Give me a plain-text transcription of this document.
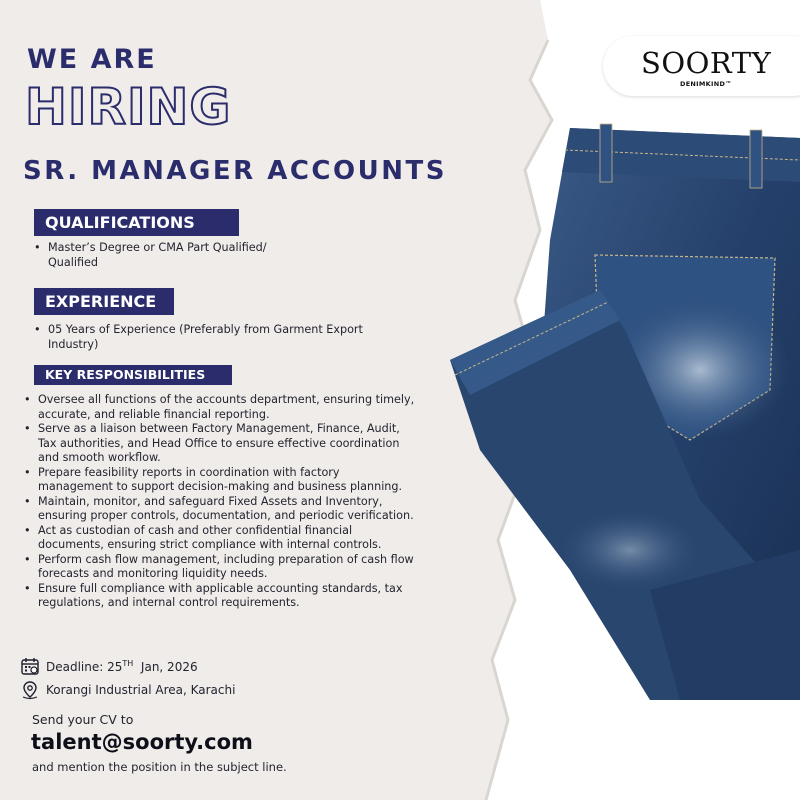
WE ARE
HIRING
SR. MANAGER ACCOUNTS
SOORTY
DENIMKIND™
QUALIFICATIONS
• Master’s Degree or CMA Part Qualified/
Qualified
EXPERIENCE
• 05 Years of Experience (Preferably from Garment Export
Industry)
KEY RESPONSIBILITIES
• Oversee all functions of the accounts department, ensuring timely,
accurate, and reliable financial reporting.
• Serve as a liaison between Factory Management, Finance, Audit,
Tax authorities, and Head Office to ensure effective coordination
and smooth workflow.
• Prepare feasibility reports in coordination with factory
management to support decision-making and business planning.
• Maintain, monitor, and safeguard Fixed Assets and Inventory,
ensuring proper controls, documentation, and periodic verification.
• Act as custodian of cash and other confidential financial
documents, ensuring strict compliance with internal controls.
• Perform cash flow management, including preparation of cash flow
forecasts and monitoring liquidity needs.
• Ensure full compliance with applicable accounting standards, tax
regulations, and internal control requirements.
Deadline: 25TH  Jan, 2026
Korangi Industrial Area, Karachi
Send your CV to
talent@soorty.com
and mention the position in the subject line.
